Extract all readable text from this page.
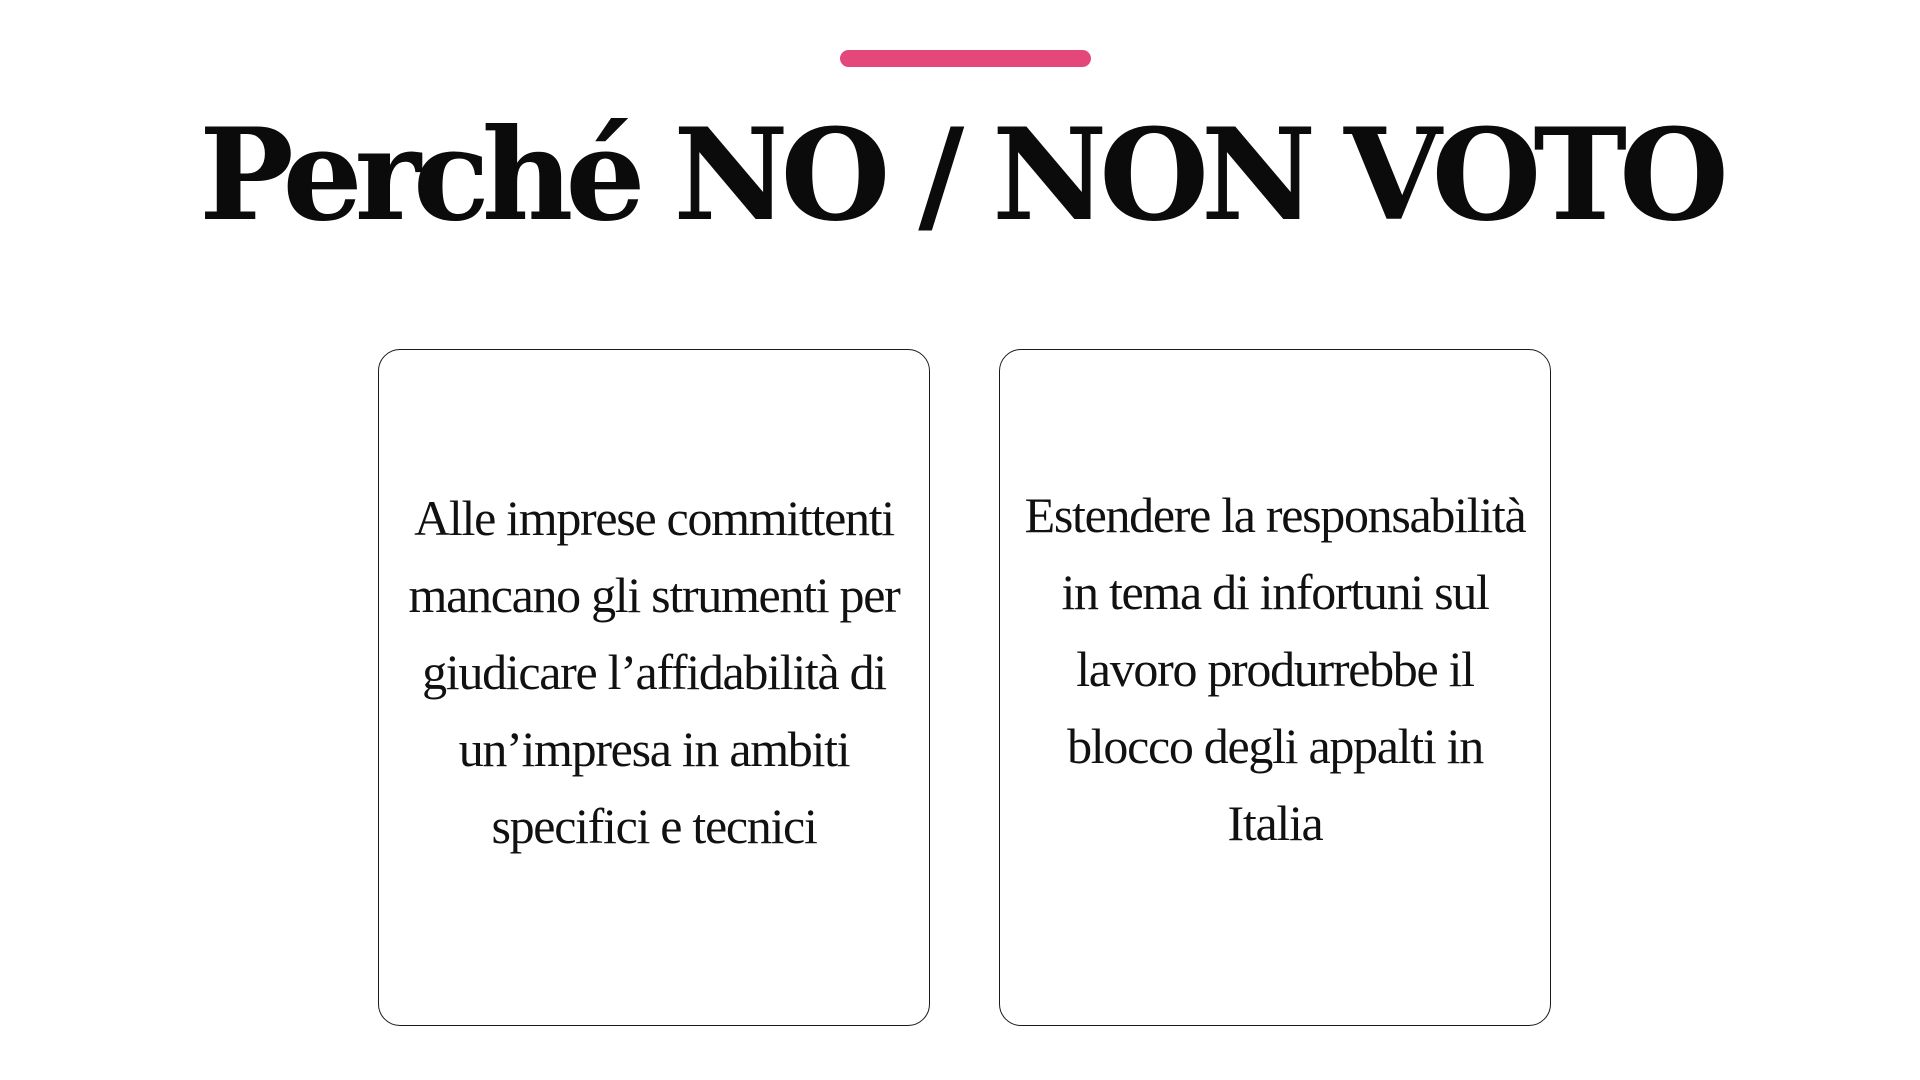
Perché NO / NON VOTO

Alle imprese committenti mancano gli strumenti per giudicare l’affidabilità di un’impresa in ambiti specifici e tecnici

Estendere la responsabilità in tema di infortuni sul lavoro produrrebbe il blocco degli appalti in Italia
